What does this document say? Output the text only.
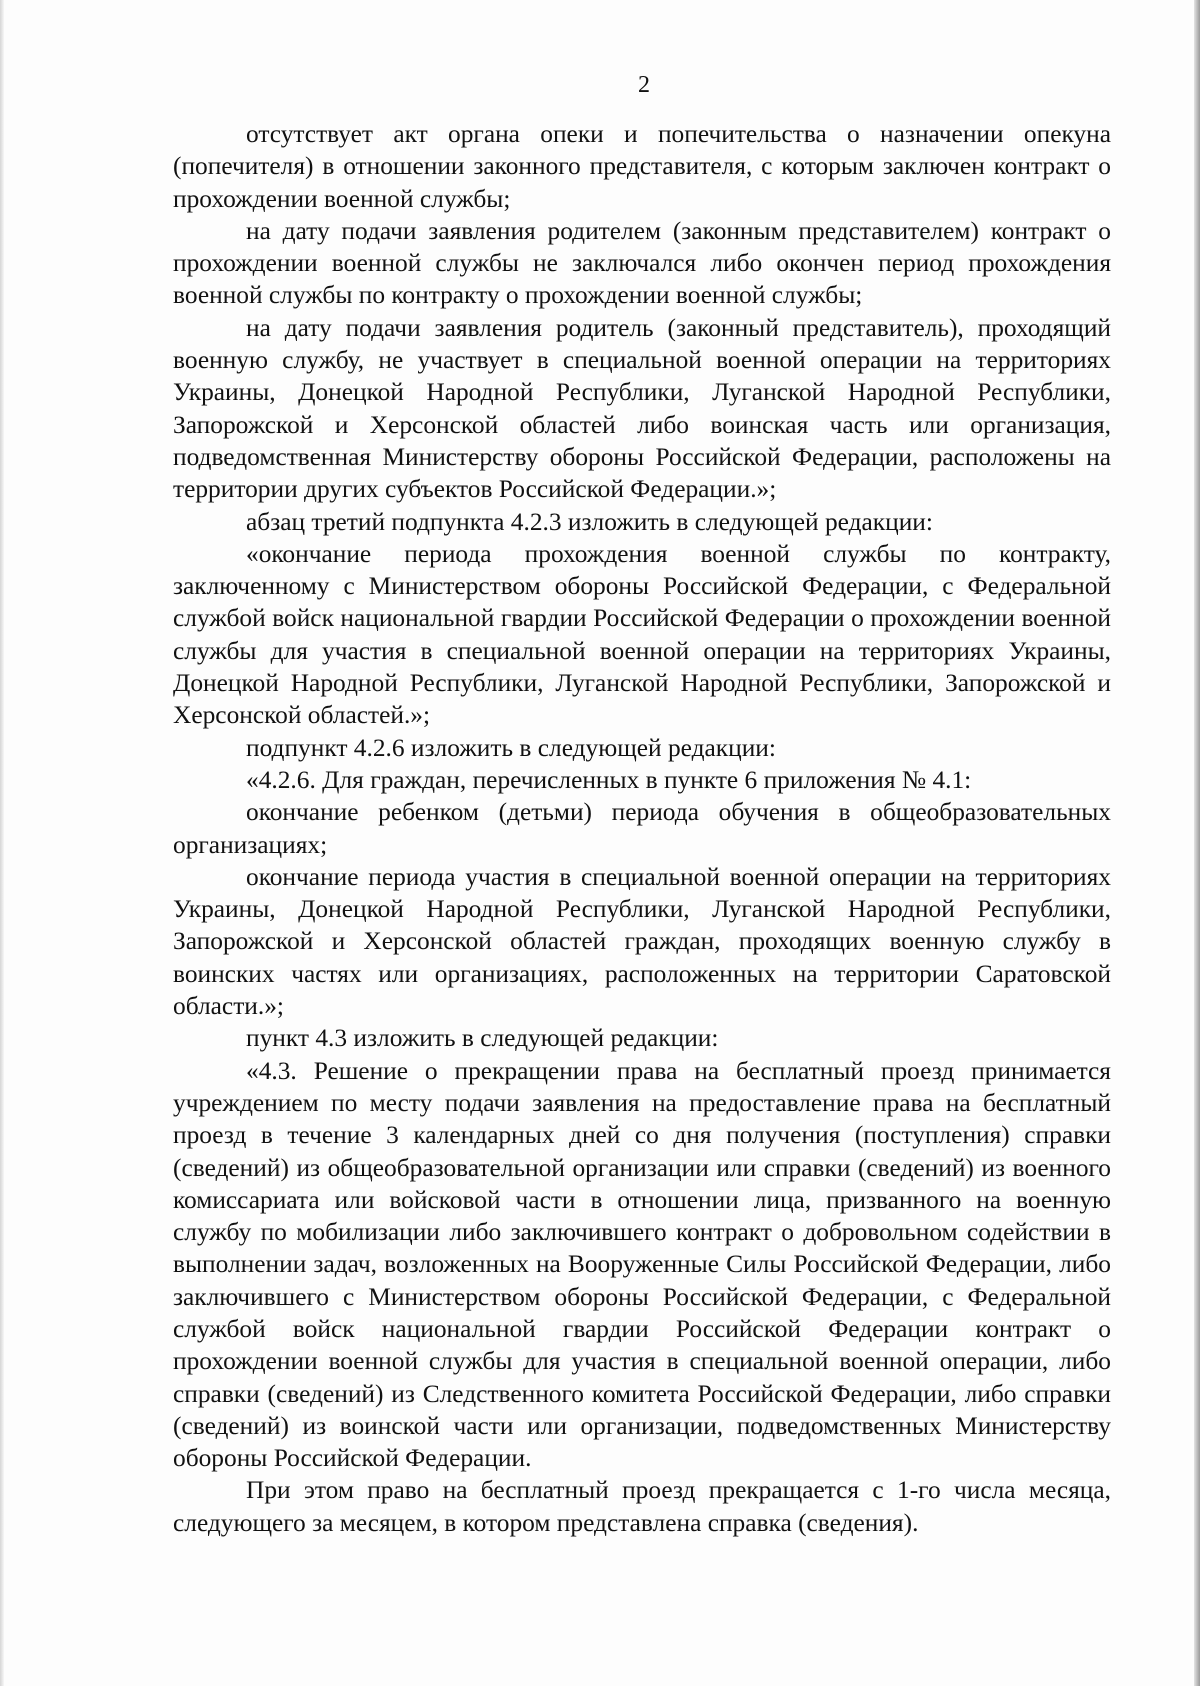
2

отсутствует акт органа опеки и попечительства о назначении опекуна (попечителя) в отношении законного представителя, с которым заключен контракт о прохождении военной службы;

на дату подачи заявления родителем (законным представителем) контракт о прохождении военной службы не заключался либо окончен период прохождения военной службы по контракту о прохождении военной службы;

на дату подачи заявления родитель (законный представитель), проходящий военную службу, не участвует в специальной военной операции на территориях Украины, Донецкой Народной Республики, Луганской Народной Республики, Запорожской и Херсонской областей либо воинская часть или организация, подведомственная Министерству обороны Российской Федерации, расположены на территории других субъектов Российской Федерации.»;

абзац третий подпункта 4.2.3 изложить в следующей редакции:

«окончание периода прохождения военной службы по контракту, заключенному с Министерством обороны Российской Федерации, с Федеральной службой войск национальной гвардии Российской Федерации о прохождении военной службы для участия в специальной военной операции на территориях Украины, Донецкой Народной Республики, Луганской Народной Республики, Запорожской и Херсонской областей.»;

подпункт 4.2.6 изложить в следующей редакции:

«4.2.6. Для граждан, перечисленных в пункте 6 приложения № 4.1:

окончание ребенком (детьми) периода обучения в общеобразовательных организациях;

окончание периода участия в специальной военной операции на территориях Украины, Донецкой Народной Республики, Луганской Народной Республики, Запорожской и Херсонской областей граждан, проходящих военную службу в воинских частях или организациях, расположенных на территории Саратовской области.»;

пункт 4.3 изложить в следующей редакции:

«4.3. Решение о прекращении права на бесплатный проезд принимается учреждением по месту подачи заявления на предоставление права на бесплатный проезд в течение 3 календарных дней со дня получения (поступления) справки (сведений) из общеобразовательной организации или справки (сведений) из военного комиссариата или войсковой части в отношении лица, призванного на военную службу по мобилизации либо заключившего контракт о добровольном содействии в выполнении задач, возложенных на Вооруженные Силы Российской Федерации, либо заключившего с Министерством обороны Российской Федерации, с Федеральной службой войск национальной гвардии Российской Федерации контракт о прохождении военной службы для участия в специальной военной операции, либо справки (сведений) из Следственного комитета Российской Федерации, либо справки (сведений) из воинской части или организации, подведомственных Министерству обороны Российской Федерации.

При этом право на бесплатный проезд прекращается с 1-го числа месяца, следующего за месяцем, в котором представлена справка (сведения).
